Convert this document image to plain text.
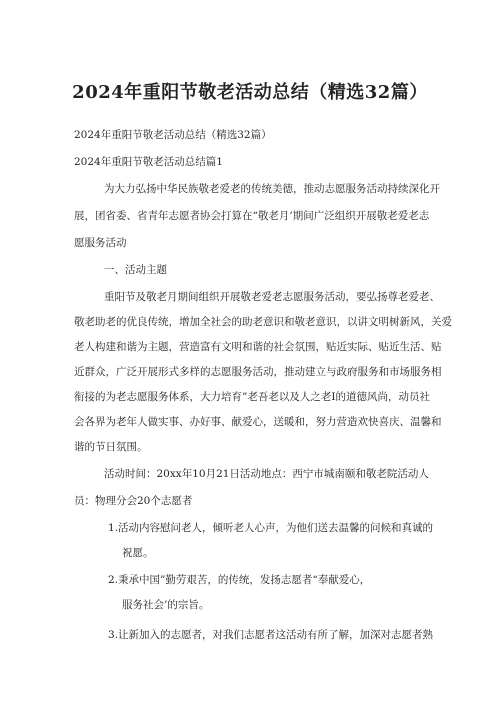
2024年重阳节敬老活动总结（精选32篇）
2024年重阳节敬老活动总结（精选32篇）
2024年重阳节敬老活动总结篇1
为大力弘扬中华民族敬老爱老的传统美德，推动志愿服务活动持续深化开
展，团省委、省青年志愿者协会打算在“敬老月’期间广泛组织开展敬老爱老志
愿服务活动
一、活动主题
重阳节及敬老月期间组织开展敬老爱老志愿服务活动，要弘扬尊老爱老、
敬老助老的优良传统，增加全社会的助老意识和敬老意识，以讲文明树新风，关爱
老人构建和谐为主题，营造富有文明和谐的社会氛围，贴近实际、贴近生活、贴
近群众，广泛开展形式多样的志愿服务活动，推动建立与政府服务和市场服务相
衔接的为老志愿服务体系，大力培育”老吾老以及人之老I的道德风尚，动员社
会各界为老年人做实事、办好事、献爱心，送暖和，努力营造欢快喜庆、温馨和
谐的节日氛围。
活动时间：20xx年10月21日活动地点：西宁市城南颐和敬老院活动人
员：物理分会20个志愿者
1.活动内容慰问老人，倾听老人心声，为他们送去温馨的问候和真诚的
祝愿。
2.秉承中国”勤劳艰苦，的传统，发扬志愿者“奉献爱心，
服务社会’的宗旨。
3.让新加入的志愿者，对我们志愿者这活动有所了解，加深对志愿者熟
